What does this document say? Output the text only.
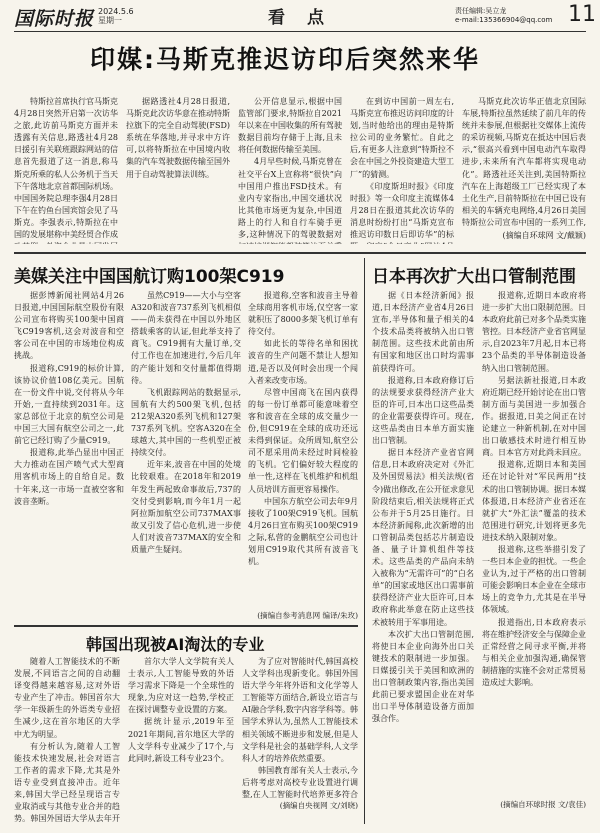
国际时报 2024.5.6
星期一	看 点	责任编辑:吴立龙
e-mail:135366904@qq.com 11
印媒:马斯克推迟访印后突然来华

特斯拉首席执行官马斯克4月28日突然开启第一次访华之旅,此访前马斯克方面并未透露有关信息,路透社4月28日援引有关联班跟踪网站的信息首先报道了这一消息,称马斯克所乘的私人公务机于当天下午落地北京首都国际机场。中国国务院总理李强4月28日下午在钓鱼台国宾馆会见了马斯克。李强表示,特斯拉在中国的发展堪称中美经贸合作成

据路透社4月28日报道,马斯克此次访华意在推动特斯拉旗下的完全自动驾驶(FSD)系统在华落地,并寻求中方许可,以将特斯拉在中国境内收集的汽车驾驶数据传输至国外用于自动驾驶算法训练。

公开信息显示,根据中国监管部门要求,特斯拉自2021年以来在中国收集的所有驾驶数据目前均存储于上海,且未将任何数据传输至美国。

4月早些时候,马斯克曾在社交平台X上宣称将“很快”向中国用户推出FSD技术。有业内专家指出,中国交通状况比其他市场更为复杂,中国道路上的行人和自行车骑手更多,这种情况下的驾驶数据对

在到访中国前一周左右,马斯克宣布推迟访问印度的计划,当时他给出的理由是特斯拉公司的业务繁忙。自此之后,有更多人注意到“特斯拉不会在中国之外投资建造大型工厂”的猜测。

《印度斯坦时报》《印度时报》等一众印度主流媒体4月28日在报道其此次访华的消息时纷纷打出“马斯克宣布推迟访印数日后即访华”的标

马斯克此次访华正值北京国际车展,特斯拉虽然延续了前几年的传统并未参展,但根据社交媒体上流传的采访视频,马斯克在抵达中国后表示,“很高兴看到中国电动汽车取得进步,未来所有汽车都将实现电动化”。路透社还关注到,美国特斯拉汽车在上海超级工厂已经实现了本土化生产,目前特斯拉在中国已设有相关的车辆充电网络,4月26日美国特斯拉公司宣布中国的一系列工作,

(摘编自环球网 文/戴颖)
美媒关注中国国航订购100架C919

据彭博新闻社网站4月26日报道,中国国际航空股份有限公司宣布将购买100架中国商飞C919客机,这会对波音和空客公司在中国的市场地位构成挑战。

报道称,C919的标价计算,该协议价值108亿美元。国航在一份文件中说,交付将从今年开始,一直持续到2031年。这家总部位于北京的航空公司是中国三大国有航空公司之一,此前它已经订购了少量C919。

报道称,此举凸显出中国正大力推动在国产喷气式大型商用客机市场上的自给自足。数十年来,这一市场一直被空客和波音垄断。

虽然C919——大小与空客A320和波音737系列飞机相似——尚未获得在中国以外地区搭载乘客的认证,但此举支持了商飞。C919拥有大量订单,交付工作也在加速进行,今后几年的产能计划和交付量都值得期待。

飞机跟踪网站的数据显示,国航有大约500架飞机,包括212架A320系列飞机和127架737系列飞机。空客A320在全球越大,其中国的一些机型正被持续交付。

近年来,波音在中国的处境比较艰难。在2018年和2019年发生两起致命事故后,737的交付受到影响,而今年1月一起阿拉斯加航空公司737MAX事故又引发了信心危机,进一步使人们对波音737MAX的安全和质量产生疑问。

报道称,空客和波音主导着全球商用客机市场,仅空客一家就积压了8000多架飞机订单有待交付。

如此长的等待名单和困扰波音的生产问题不禁让人想知道,是否以及何时会出现一个闯入者来改变市场。

尽管中国商飞在国内获得的每一份订单都可能意味着空客和波音在全球的成交量少一份,但C919在全球的成功还远未得到保证。众所周知,航空公司不愿采用尚未经过时间检验的飞机。它们偏好较大程度的单一性,这样在飞机维护和机组人员培训方面更容易操作。

中国东方航空公司去年9月接收了100架C919飞机。国航4月26日宣布购买100架C919之际,私营的金鹏航空公司也计划用C919取代其所有波音飞机。

(摘编自参考消息网 编译/朱玫)
日本再次扩大出口管制范围

据《日本经济新闻》报道,日本经济产业省4月26日宣布,半导体和量子相关的4个技术品类将被纳入出口管制范围。这些技术此前由所有国家和地区出口时均需事前获得许可。

报道称,日本政府修订后的法规要求获得经济产业大臣的许可,日本出口这些品类的企业需要获得许可。现在,这些品类由日本单方面实施出口管制。

据日本经济产业省官网信息,日本政府决定对《外汇及外国贸易法》相关法规(省令)做出修改,在公开征求意见阶段结束后,相关法规将正式公布并于5月25日施行。日本经济新闻称,此次新增的出口管制品类包括芯片制造设备、量子计算机组件等技术。这些品类的产品向未纳入被称为“无需许可”的“白名单”的国家或地区出口需事前获得经济产业大臣许可,日本政府称此举意在防止这些技术被转用于军事用途。

本次扩大出口管制范围,将使日本企业向海外出口关键技术的限制进一步加强。日媒援引关于美国和欧洲的出口管制政策内容,指出美国此前已要求盟国企业在对华出口半导体制造设备方面加强合作。

报道称,近期日本政府将进一步扩大出口限制范围。日本政府此前已对多个品类实施管控。日本经济产业省官网显示,自2023年7月起,日本已将23个品类的半导体制造设备纳入出口管制范围。

另据法新社报道,日本政府近期已经开始讨论在出口管制方面与美国进一步加强合作。据报道,日美之间正在讨论建立一种新机制,在对中国出口敏感技术时进行相互协商。日本官方对此尚未回应。

报道称,近期日本和美国还在讨论针对“军民两用”技术的出口管制协调。据日本媒体报道,日本经济产业省还在就扩大“外汇法”覆盖的技术范围进行研究,计划将更多先进技术纳入限制对象。

报道称,这些举措引发了一些日本企业的担忧。一些企业认为,过于严格的出口管制可能会影响日本企业在全球市场上的竞争力,尤其是在半导体领域。

报道指出,日本政府表示将在维护经济安全与保障企业正常经营之间寻求平衡,并将与相关企业加强沟通,确保管制措施的实施不会对正常贸易造成过大影响。

(摘编自环球时报 文/袁佳)
韩国出现被AI淘汰的专业

随着人工智能技术的不断发展,不同语言之间的自动翻译变得越来越容易,这对外语专业产生了冲击。韩国首尔大学一年级新生的外语类专业招生减少,这在首尔地区的大学中尤为明显。

有分析认为,随着人工智能技术快速发展,社会对语言工作者的需求下降,尤其是外语专业受到直接冲击。近年来,韩国大学已经呈现语言专业取消或与其他专业合并的趋势。韩国外国语大学从去年开

首尔大学人文学院有关人士表示,人工智能导致的外语学习需求下降是一个全球性的现象,为应对这一趋势,学校正在探讨调整专业设置的方案。

据统计显示,2019年至2021年期间,首尔地区大学的人文学科专业减少了17个,与此同时,新设工科专业23个。

为了应对智能时代,韩国高校人文学科出现新变化。韩国外国语大学今年将外语和文化学等人工智能等方面结合,新设立语言与AI融合学科,数字内容学科等。韩国学术界认为,虽然人工智能技术相关领域不断进步和发展,但是人文学科是社会的基础学科,人文学科人才的培养依然重要。

韩国教育部有关人士表示,今后将考虑对高校专业设置进行调整,在人工智能时代培养更多符合

(摘编自央视网 文/刘晓)
